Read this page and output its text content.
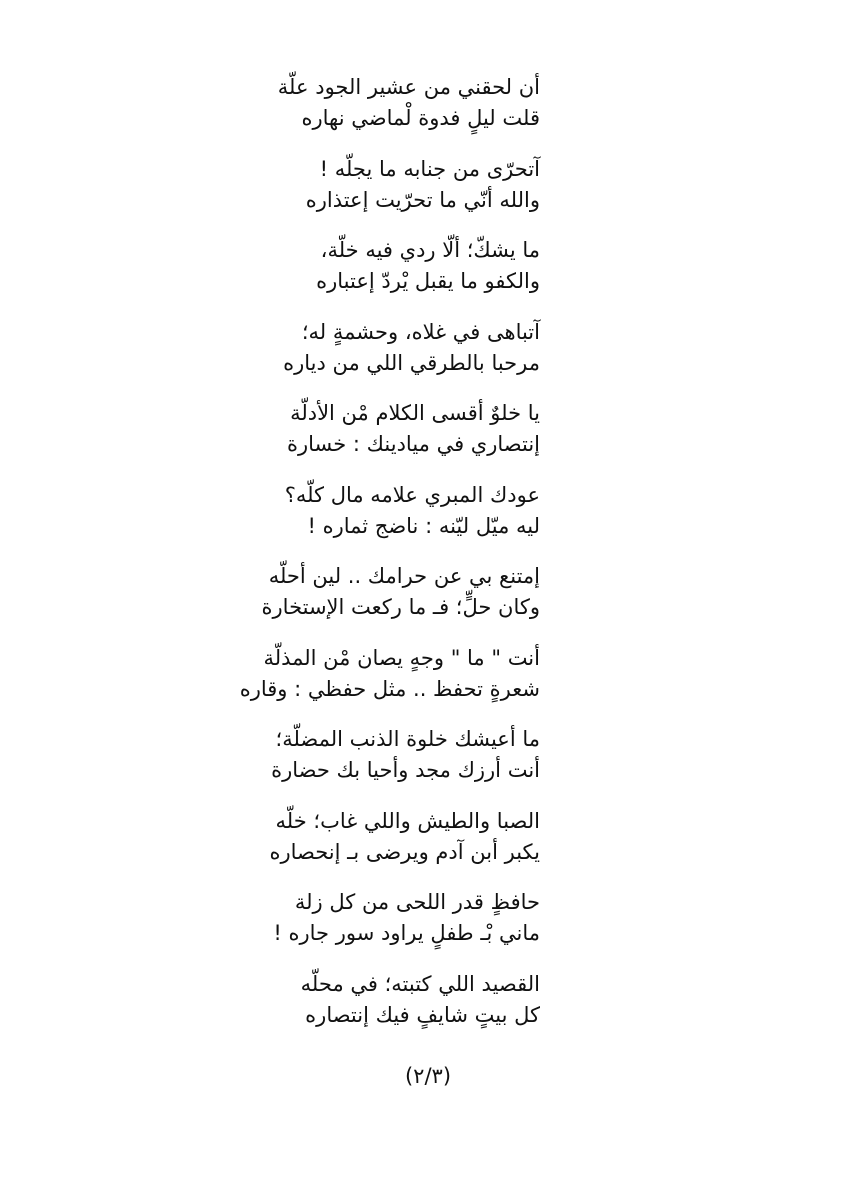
أن لحقني من عشير الجود علّة
قلت ليلٍ فدوة لْماضي نهاره
آتحرّى من جنابه ما يجلّه !
والله أنّي ما تحرّيت إعتذاره
ما يشكّ؛ ألّا ردي فيه خلّة،
والكفو ما يقبل يْردّ إعتباره
آتباهى في غلاه، وحشمةٍ له؛
مرحبا بالطرقي اللي من دياره
يا خلوٌ أقسى الكلام مْن الأدلّة
إنتصاري في ميادينك : خسارة
عودك المبري علامه مال كلّه؟
ليه ميّل ليّنه : ناضج ثماره !
إمتنع بي عن حرامك .. لين أحلّه
وكان حلٍّ؛ فـ ما ركعت الإستخارة
أنت " ما " وجهٍ يصان مْن المذلّة
شعرةٍ تحفظ .. مثل حفظي : وقاره
ما أعيشك خلوة الذنب المضلّة؛
أنت أرزك مجد وأحيا بك حضارة
الصبا والطيش واللي غاب؛ خلّه
يكبر أبن آدم ويرضى بـ إنحصاره
حافظٍ قدر اللحى من كل زلة
ماني بْـ طفلٍ يراود سور جاره !
القصيد اللي كتبته؛ في محلّه
كل بيتٍ شايفٍ فيك إنتصاره
(٢/٣)
